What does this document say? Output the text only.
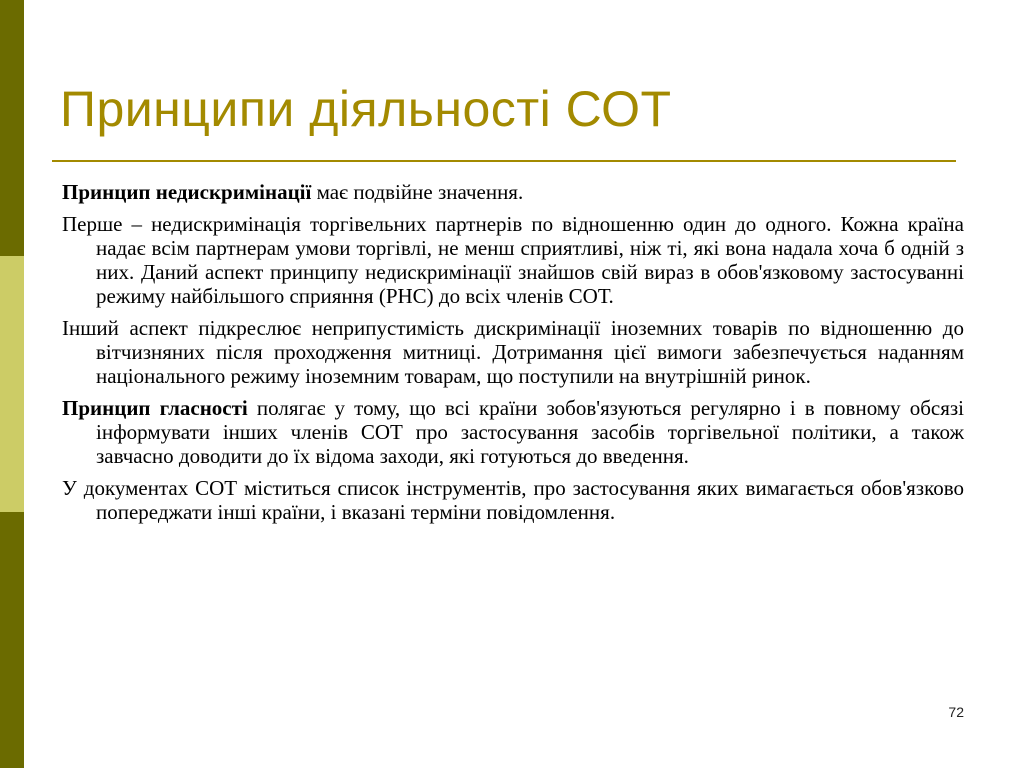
Принципи діяльності СОТ

Принцип недискримінації має подвійне значення.

Перше – недискримінація торгівельних партнерів по відношенню один до одного. Кожна країна надає всім партнерам умови торгівлі, не менш сприятливі, ніж ті, які вона надала хоча б одній з них. Даний аспект принципу недискримінації знайшов свій вираз в обов'язковому застосуванні режиму найбільшого сприяння (РНС) до всіх членів СОТ.

Інший аспект підкреслює неприпустимість дискримінації іноземних товарів по відношенню до вітчизняних після проходження митниці. Дотримання цієї вимоги забезпечується наданням національного режиму іноземним товарам, що поступили на внутрішній ринок.

Принцип гласності полягає у тому, що всі країни зобов'язуються регулярно і в повному обсязі інформувати інших членів СОТ про застосування засобів торгівельної політики, а також завчасно доводити до їх відома заходи, які готуються до введення.

У документах СОТ міститься список інструментів, про застосування яких вимагається обов'язково попереджати інші країни, і вказані терміни повідомлення.

72
